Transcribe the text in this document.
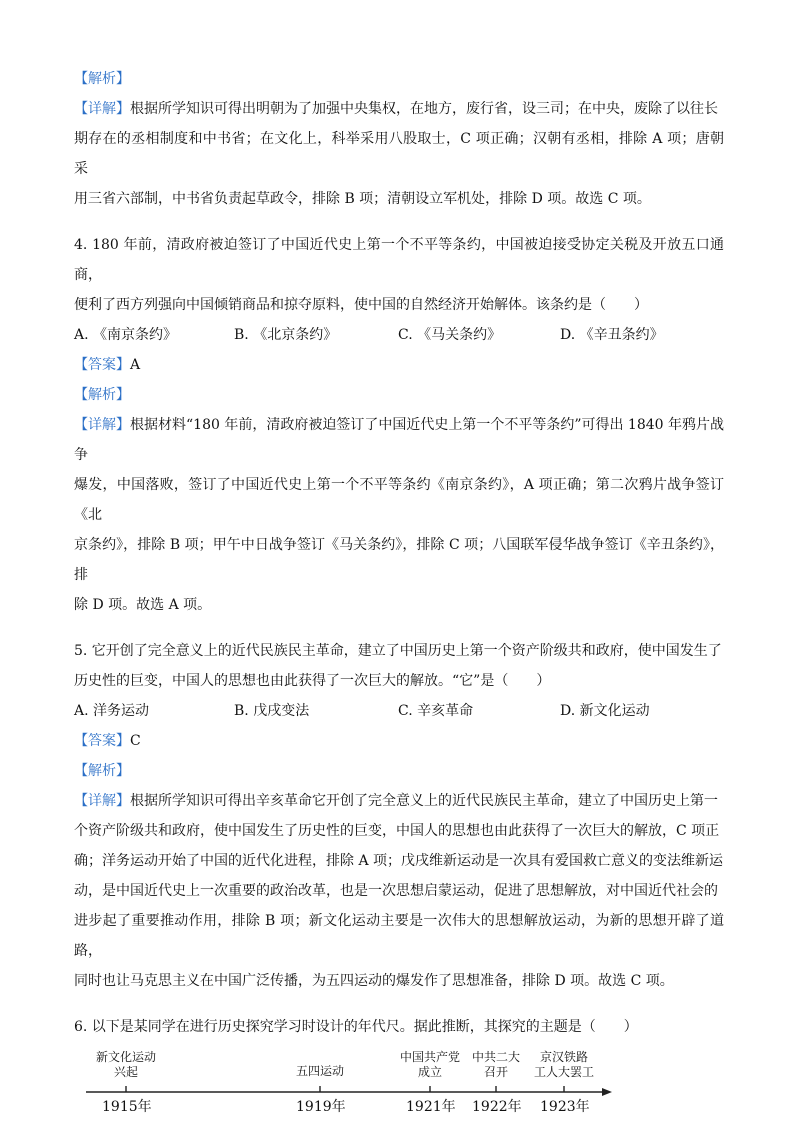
【解析】
【详解】根据所学知识可得出明朝为了加强中央集权，在地方，废行省，设三司；在中央，废除了以往长
期存在的丞相制度和中书省；在文化上，科举采用八股取士，C 项正确；汉朝有丞相，排除 A 项；唐朝采
用三省六部制，中书省负责起草政令，排除 B 项；清朝设立军机处，排除 D 项。故选 C 项。
4. 180 年前，清政府被迫签订了中国近代史上第一个不平等条约，中国被迫接受协定关税及开放五口通商，
便利了西方列强向中国倾销商品和掠夺原料，使中国的自然经济开始解体。该条约是（　　）
A. 《南京条约》	B. 《北京条约》	C. 《马关条约》	D. 《辛丑条约》
【答案】A
【解析】
【详解】根据材料“180 年前，清政府被迫签订了中国近代史上第一个不平等条约”可得出 1840 年鸦片战争
爆发，中国落败，签订了中国近代史上第一个不平等条约《南京条约》，A 项正确；第二次鸦片战争签订《北
京条约》，排除 B 项；甲午中日战争签订《马关条约》，排除 C 项；八国联军侵华战争签订《辛丑条约》，排
除 D 项。故选 A 项。
5. 它开创了完全意义上的近代民族民主革命，建立了中国历史上第一个资产阶级共和政府，使中国发生了
历史性的巨变，中国人的思想也由此获得了一次巨大的解放。“它”是（　　）
A. 洋务运动	B. 戊戌变法	C. 辛亥革命	D. 新文化运动
【答案】C
【解析】
【详解】根据所学知识可得出辛亥革命它开创了完全意义上的近代民族民主革命，建立了中国历史上第一
个资产阶级共和政府，使中国发生了历史性的巨变，中国人的思想也由此获得了一次巨大的解放，C 项正
确；洋务运动开始了中国的近代化进程，排除 A 项；戊戌维新运动是一次具有爱国救亡意义的变法维新运
动，是中国近代史上一次重要的政治改革，也是一次思想启蒙运动，促进了思想解放，对中国近代社会的
进步起了重要推动作用，排除 B 项；新文化运动主要是一次伟大的思想解放运动，为新的思想开辟了道路，
同时也让马克思主义在中国广泛传播，为五四运动的爆发作了思想准备，排除 D 项。故选 C 项。
6. 以下是某同学在进行历史探究学习时设计的年代尺。据此推断，其探究的主题是（　　）
新文化运动
兴起
1915年
五四运动
1919年
中国共产党
成立
1921年
中共二大
召开
1922年
京汉铁路
工人大罢工
1923年
